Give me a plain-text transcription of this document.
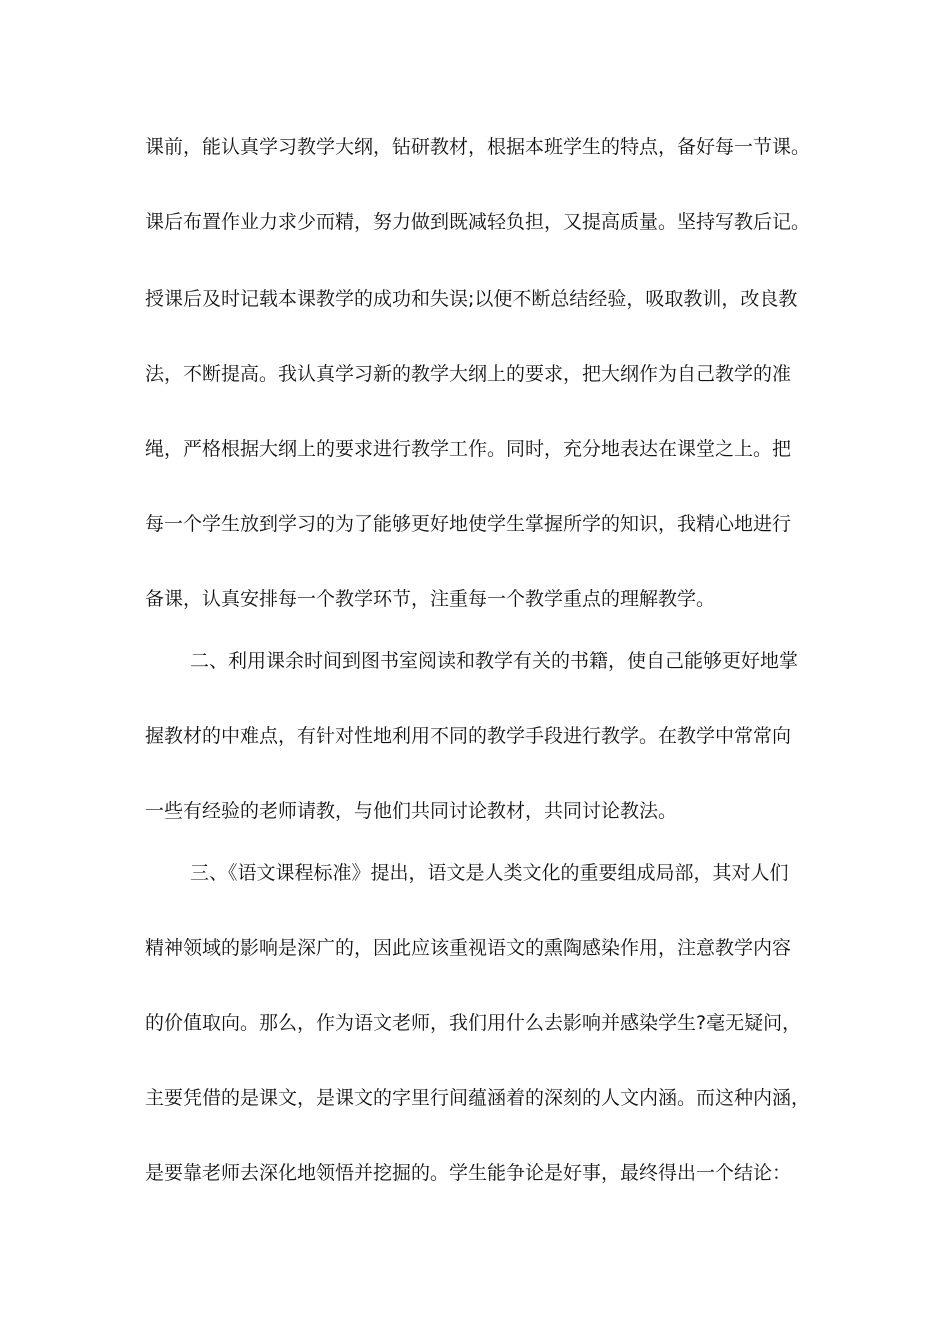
课前，能认真学习教学大纲，钻研教材，根据本班学生的特点，备好每一节课。
课后布置作业力求少而精，努力做到既减轻负担，又提高质量。坚持写教后记。
授课后及时记载本课教学的成功和失误;以便不断总结经验，吸取教训，改良教
法，不断提高。我认真学习新的教学大纲上的要求，把大纲作为自己教学的准
绳，严格根据大纲上的要求进行教学工作。同时，充分地表达在课堂之上。把
每一个学生放到学习的为了能够更好地使学生掌握所学的知识，我精心地进行
备课，认真安排每一个教学环节，注重每一个教学重点的理解教学。
二、利用课余时间到图书室阅读和教学有关的书籍，使自己能够更好地掌
握教材的中难点，有针对性地利用不同的教学手段进行教学。在教学中常常向
一些有经验的老师请教，与他们共同讨论教材，共同讨论教法。
三、《语文课程标准》提出，语文是人类文化的重要组成局部，其对人们
精神领域的影响是深广的，因此应该重视语文的熏陶感染作用，注意教学内容
的价值取向。那么，作为语文老师，我们用什么去影响并感染学生?毫无疑问，
主要凭借的是课文，是课文的字里行间蕴涵着的深刻的人文内涵。而这种内涵，
是要靠老师去深化地领悟并挖掘的。学生能争论是好事，最终得出一个结论：
